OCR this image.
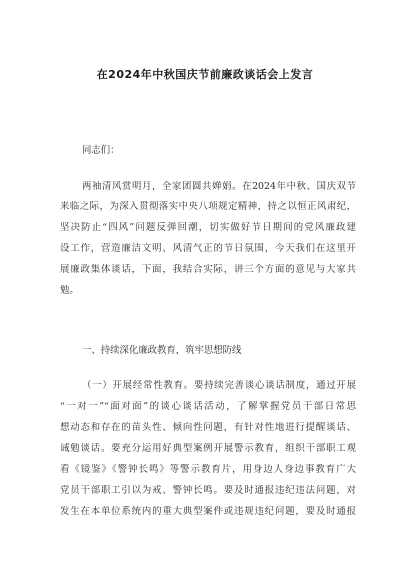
在2024年中秋国庆节前廉政谈话会上发言
同志们：
两袖清风赏明月，全家团圆共婵娟。在2024年中秋、国庆双节
来临之际，为深入贯彻落实中央八项规定精神，持之以恒正风肃纪，
坚决防止“四风”问题反弹回潮，切实做好节日期间的党风廉政建
设工作，营造廉洁文明、风清气正的节日氛围，今天我们在这里开
展廉政集体谈话，下面，我结合实际，讲三个方面的意见与大家共
勉。
一、持续深化廉政教育，筑牢思想防线
（一）开展经常性教育。要持续完善谈心谈话制度，通过开展
“一对一”“面对面”的谈心谈话活动，了解掌握党员干部日常思
想动态和存在的苗头性、倾向性问题，有针对性地进行提醒谈话、
诫勉谈话。要充分运用好典型案例开展警示教育，组织干部职工观
看《镜鉴》《警钟长鸣》等警示教育片，用身边人身边事教育广大
党员干部职工引以为戒、警钟长鸣。要及时通报违纪违法问题，对
发生在本单位系统内的重大典型案件或违规违纪问题，要及时通报
